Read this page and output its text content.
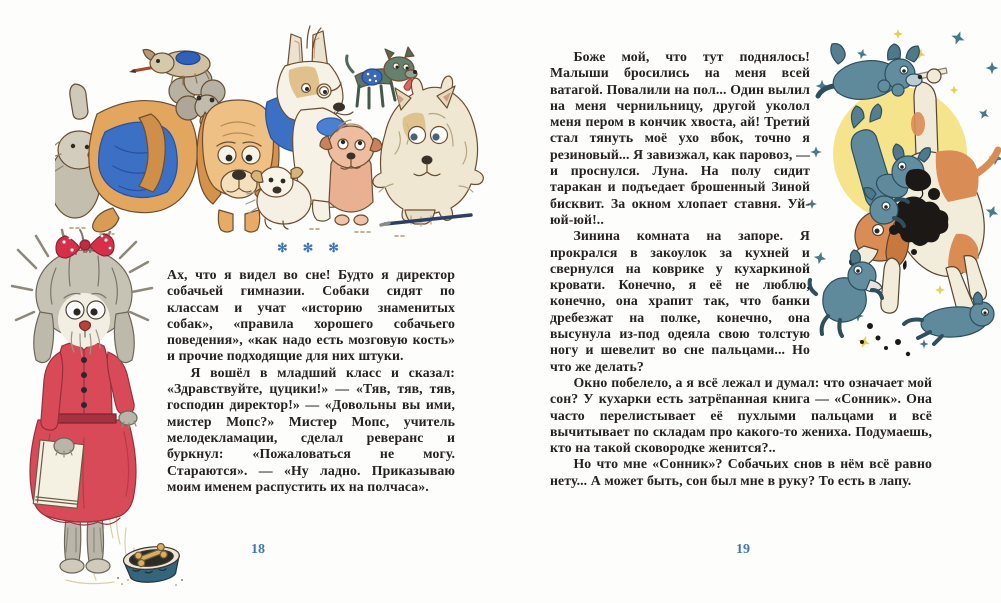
✻ ✻ ✻

Ах, что я видел во сне! Будто я директор собачьей гимназии. Собаки сидят по классам и учат «историю знаменитых собак», «правила хорошего собачьего поведения», «как надо есть мозговую кость» и прочие подходящие для них штуки.

Я вошёл в младший класс и сказал: «Здравствуйте, цуцики!» — «Тяв, тяв, тяв, господин директор!» — «Довольны вы ими, мистер Мопс?» Мистер Мопс, учитель мелодекламации, сделал реверанс и буркнул: «Пожаловаться не могу. Стараются». — «Ну ладно. Приказываю моим именем распустить их на полчаса».

18

Боже мой, что тут поднялось! Малыши бросились на меня всей ватагой. Повалили на пол... Один вылил на меня чернильницу, другой уколол меня пером в кончик хвоста, ай! Третий стал тянуть моё ухо вбок, точно я резиновый... Я завизжал, как паровоз, — и проснулся. Луна. На полу сидит таракан и подъедает брошенный Зиной бисквит. За окном хлопает ставня. Уй-юй-юй!..

Зинина комната на запоре. Я прокрался в закоулок за кухней и свернулся на коврике у кухаркиной кровати. Конечно, я её не люблю, конечно, она храпит так, что банки дребезжат на полке, конечно, она высунула из-под одеяла свою толстую ногу и шевелит во сне пальцами... Но что же делать?

Окно побелело, а я всё лежал и думал: что означает мой сон? У кухарки есть затрёпанная книга — «Сонник». Она часто перелистывает её пухлыми пальцами и всё вычитывает по складам про какого-то жениха. Подумаешь, кто на такой сковородке женится?..

Но что мне «Сонник»? Собачьих снов в нём всё равно нету... А может быть, сон был мне в руку? То есть в лапу.

19
